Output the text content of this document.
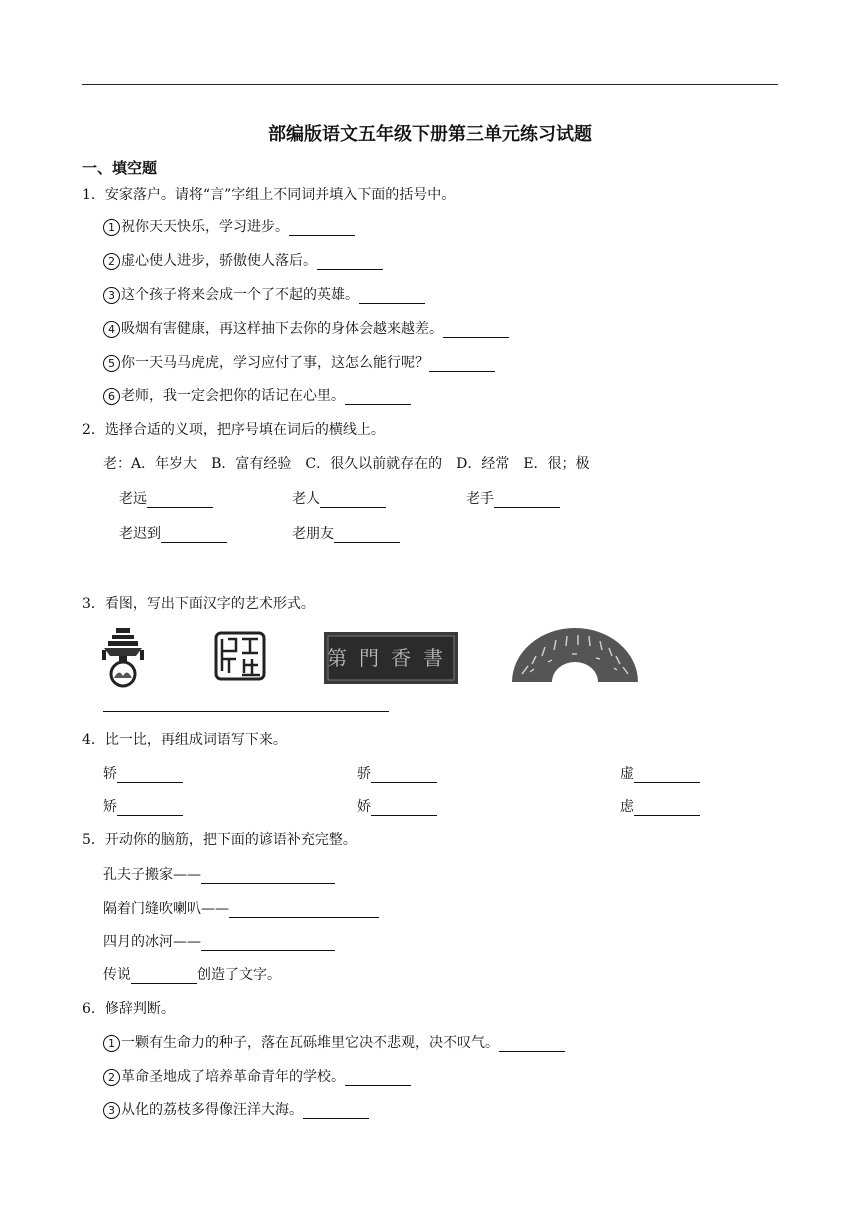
部编版语文五年级下册第三单元练习试题
一、填空题
1．安家落户。请将“言”字组上不同词并填入下面的括号中。
1 祝你天天快乐，学习进步。
2 虚心使人进步，骄傲使人落后。
3 这个孩子将来会成一个了不起的英雄。
4 吸烟有害健康，再这样抽下去你的身体会越来越差。
5 你一天马马虎虎，学习应付了事，这怎么能行呢？
6 老师，我一定会把你的话记在心里。
2．选择合适的义项，把序号填在词后的横线上。
老：A．年岁大　B．富有经验　C．很久以前就存在的　D．经常　E．很；极
老远	老人	老手
老迟到	老朋友
3．看图，写出下面汉字的艺术形式。
第門香書
4．比一比，再组成词语写下来。
轿	骄	虚
矫	娇	虑
5．开动你的脑筋，把下面的谚语补充完整。
孔夫子搬家——
隔着门缝吹喇叭——
四月的冰河——
传说	创造了文字。
6．修辞判断。
1 一颗有生命力的种子，落在瓦砾堆里它决不悲观，决不叹气。
2 革命圣地成了培养革命青年的学校。
3 从化的荔枝多得像汪洋大海。
